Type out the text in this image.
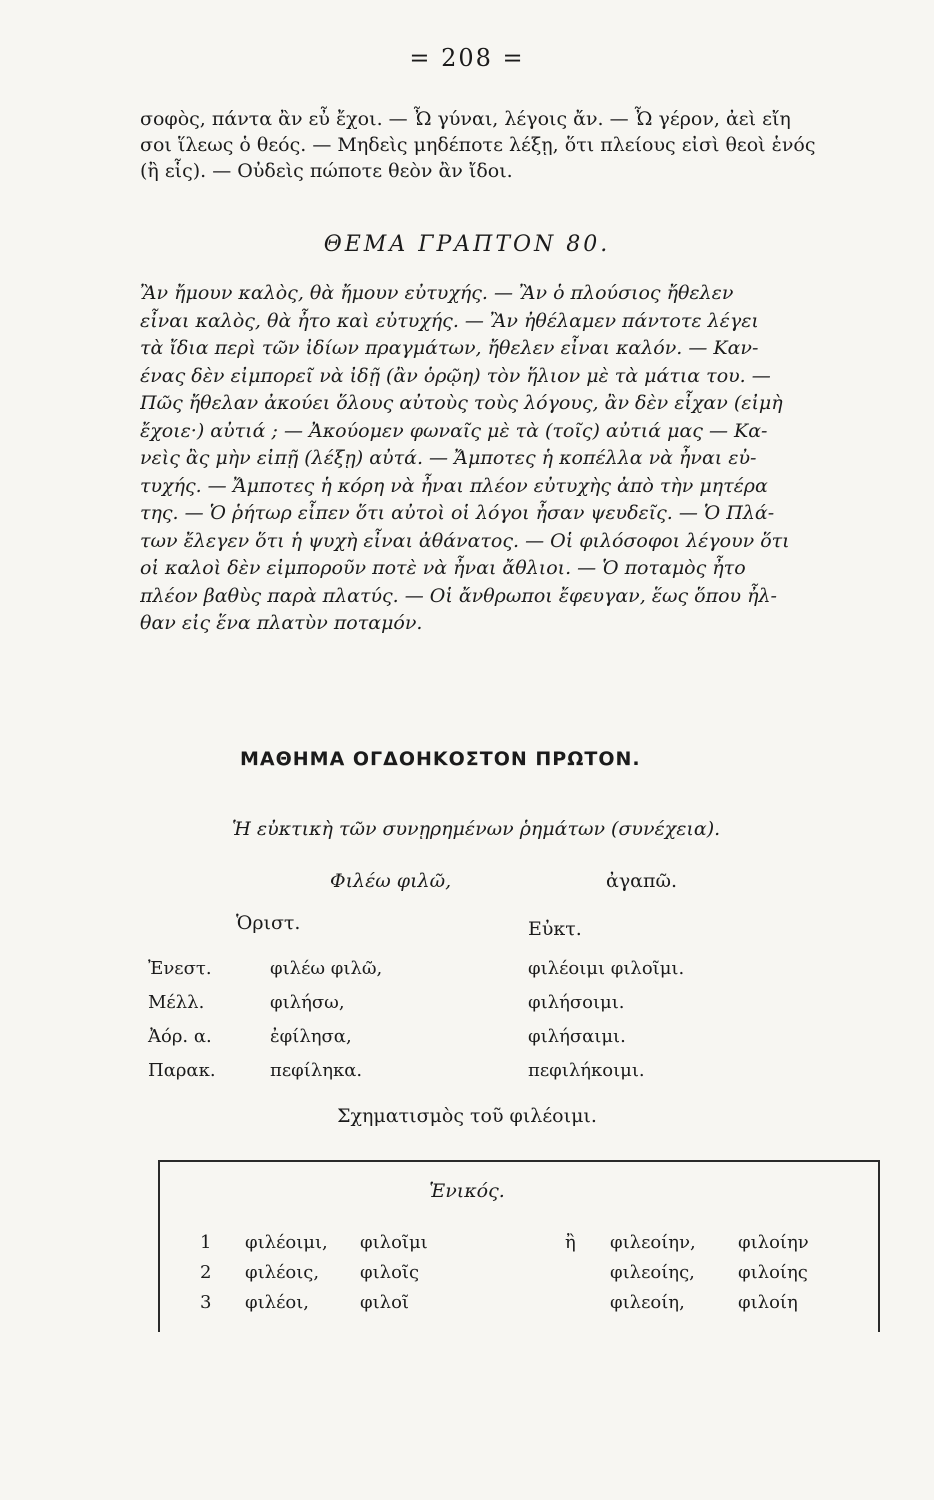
= 208 =
σοφὸς, πάντα ἂν εὖ ἔχοι. — Ὦ γύναι, λέγοις ἄν. — Ὦ γέρον, ἀεὶ εἴη
σοι ἵλεως ὁ θεός. — Μηδεὶς μηδέποτε λέξῃ, ὅτι πλείους εἰσὶ θεοὶ ἑνός
(ἢ εἷς). — Οὐδεὶς πώποτε θεὸν ἂν ἴδοι.
ΘΕΜΑ ΓΡΑΠΤΟΝ 80.
Ἂν ἤμουν καλὸς, θὰ ἤμουν εὐτυχής. — Ἂν ὁ πλούσιος ἤθελεν
εἶναι καλὸς, θὰ ἦτο καὶ εὐτυχής. — Ἂν ἠθέλαμεν πάντοτε λέγει
τὰ ἴδια περὶ τῶν ἰδίων πραγμάτων, ἤθελεν εἶναι καλόν. — Καν-
ένας δὲν εἰμπορεῖ νὰ ἰδῇ (ἂν ὁρῷη) τὸν ἥλιον μὲ τὰ μάτια του. —
Πῶς ἤθελαν ἀκούει ὅλους αὐτοὺς τοὺς λόγους, ἂν δὲν εἶχαν (εἰμὴ
ἔχοιε·) αὐτιά ; — Ἀκούομεν φωναῖς μὲ τὰ (τοῖς) αὐτιά μας — Κα-
νεὶς ἂς μὴν εἰπῇ (λέξῃ) αὐτά. — Ἄμποτες ἡ κοπέλλα νὰ ἦναι εὐ-
τυχής. — Ἄμποτες ἡ κόρη νὰ ἦναι πλέον εὐτυχὴς ἀπὸ τὴν μητέρα
της. — Ὁ ῥήτωρ εἶπεν ὅτι αὐτοὶ οἱ λόγοι ἦσαν ψευδεῖς. — Ὁ Πλά-
των ἔλεγεν ὅτι ἡ ψυχὴ εἶναι ἀθάνατος. — Οἱ φιλόσοφοι λέγουν ὅτι
οἱ καλοὶ δὲν εἰμποροῦν ποτὲ νὰ ἦναι ἄθλιοι. — Ὁ ποταμὸς ἦτο
πλέον βαθὺς παρὰ πλατύς. — Οἱ ἄνθρωποι ἔφευγαν, ἕως ὅπου ἦλ-
θαν εἰς ἕνα πλατὺν ποταμόν.
ΜΑΘΗΜΑ ΟΓΔΟΗΚΟΣΤΟΝ ΠΡΩΤΟΝ.
Ἡ εὐκτικὴ τῶν συνῃρημένων ῥημάτων (συνέχεια).
Φιλέω φιλῶ,	ἀγαπῶ.
Ὁριστ.	Εὐκτ.
Ἐνεστ.	φιλέω φιλῶ,	φιλέοιμι φιλοῖμι.
Μέλλ.	φιλήσω,	φιλήσοιμι.
Ἀόρ. α.	ἐφίλησα,	φιλήσαιμι.
Παρακ.	πεφίληκα.	πεφιλήκοιμι.
Σχηματισμὸς τοῦ φιλέοιμι.
Ἑνικός.
1 φιλέοιμι, φιλοῖμι	ἢ φιλεοίην, φιλοίην
2 φιλέοις, φιλοῖς	φιλεοίης, φιλοίης
3 φιλέοι,	φιλοῖ	φιλεοίη,	φιλοίη
